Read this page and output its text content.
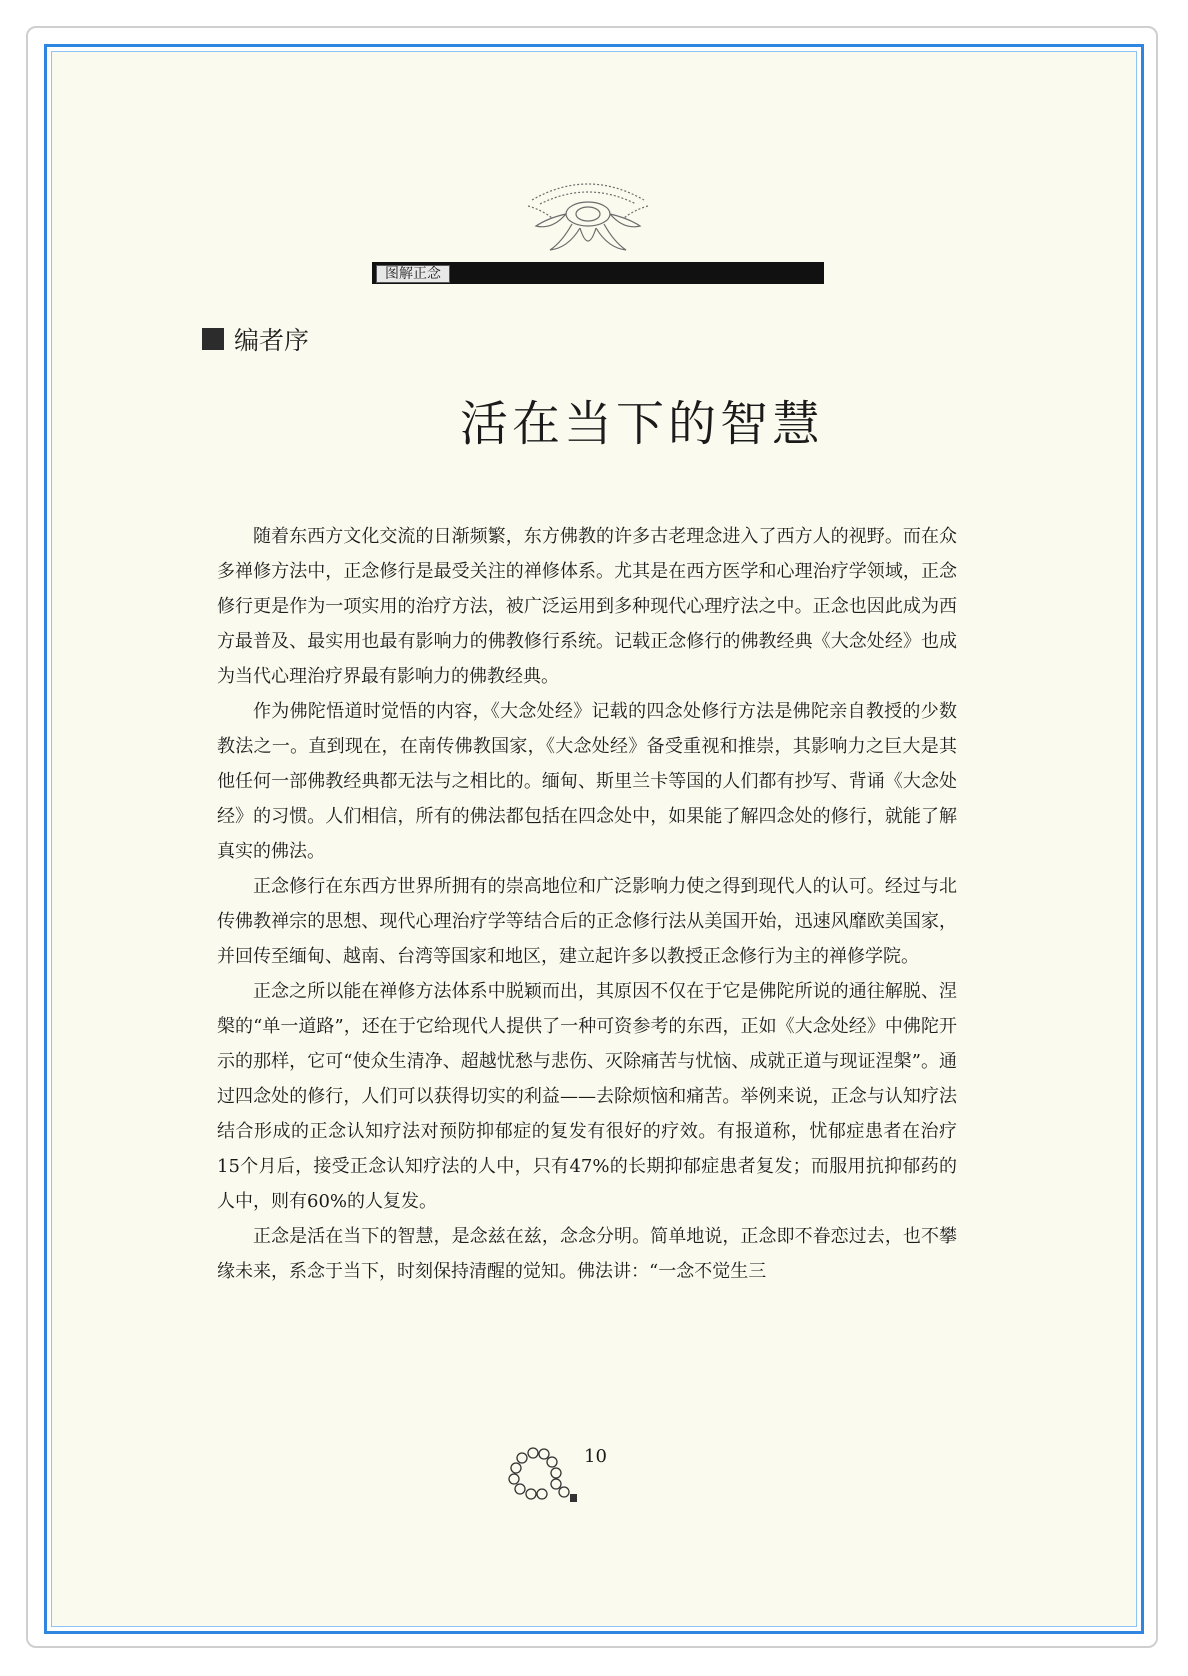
图解正念
编者序
活在当下的智慧

随着东西方文化交流的日渐频繁，东方佛教的许多古老理念进入了西方人的视野。而在众多禅修方法中，正念修行是最受关注的禅修体系。尤其是在西方医学和心理治疗学领域，正念修行更是作为一项实用的治疗方法，被广泛运用到多种现代心理疗法之中。正念也因此成为西方最普及、最实用也最有影响力的佛教修行系统。记载正念修行的佛教经典《大念处经》也成为当代心理治疗界最有影响力的佛教经典。

作为佛陀悟道时觉悟的内容，《大念处经》记载的四念处修行方法是佛陀亲自教授的少数教法之一。直到现在，在南传佛教国家，《大念处经》备受重视和推崇，其影响力之巨大是其他任何一部佛教经典都无法与之相比的。缅甸、斯里兰卡等国的人们都有抄写、背诵《大念处经》的习惯。人们相信，所有的佛法都包括在四念处中，如果能了解四念处的修行，就能了解真实的佛法。

正念修行在东西方世界所拥有的崇高地位和广泛影响力使之得到现代人的认可。经过与北传佛教禅宗的思想、现代心理治疗学等结合后的正念修行法从美国开始，迅速风靡欧美国家，并回传至缅甸、越南、台湾等国家和地区，建立起许多以教授正念修行为主的禅修学院。

正念之所以能在禅修方法体系中脱颖而出，其原因不仅在于它是佛陀所说的通往解脱、涅槃的“单一道路”，还在于它给现代人提供了一种可资参考的东西，正如《大念处经》中佛陀开示的那样，它可“使众生清净、超越忧愁与悲伤、灭除痛苦与忧恼、成就正道与现证涅槃”。通过四念处的修行，人们可以获得切实的利益——去除烦恼和痛苦。举例来说，正念与认知疗法结合形成的正念认知疗法对预防抑郁症的复发有很好的疗效。有报道称，忧郁症患者在治疗15个月后，接受正念认知疗法的人中，只有47%的长期抑郁症患者复发；而服用抗抑郁药的人中，则有60%的人复发。

正念是活在当下的智慧，是念兹在兹，念念分明。简单地说，正念即不眷恋过去，也不攀缘未来，系念于当下，时刻保持清醒的觉知。佛法讲：“一念不觉生三

10
